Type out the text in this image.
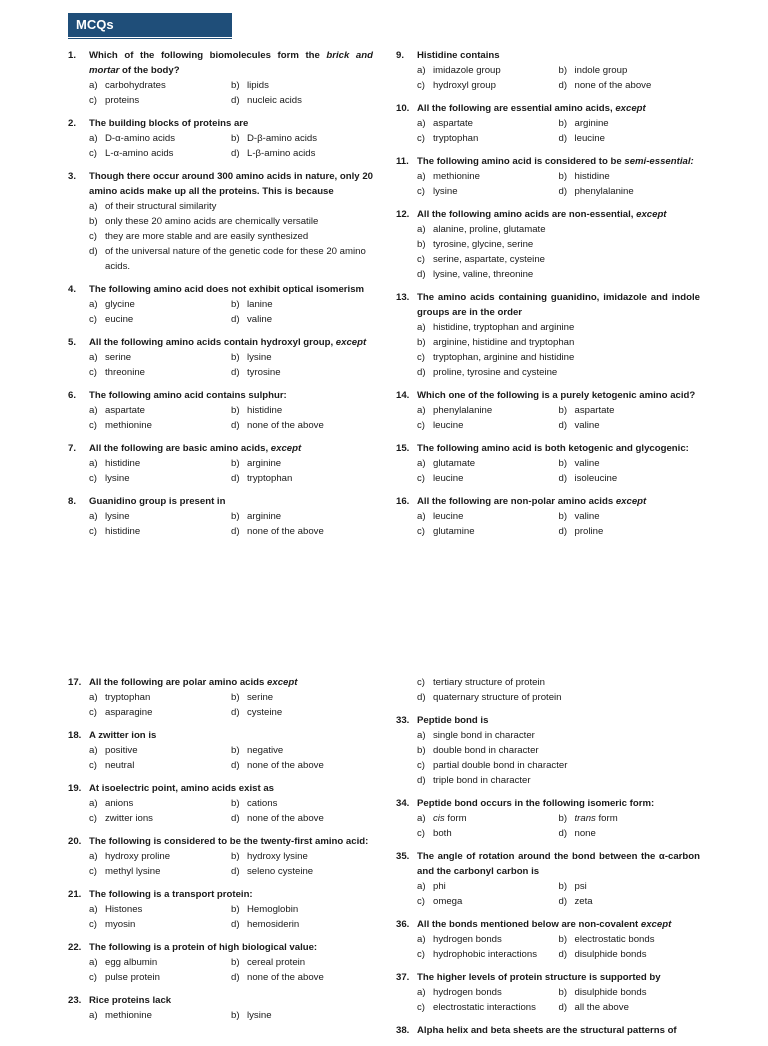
MCQs
1.	Which of the following biomolecules form the brick and mortar of the body?
a) carbohydrates	b) lipids
c) proteins	d) nucleic acids
2.	The building blocks of proteins are
a) D-α-amino acids	b) D-β-amino acids
c) L-α-amino acids	d) L-β-amino acids
3.	Though there occur around 300 amino acids in nature, only 20 amino acids make up all the proteins. This is because
a) of their structural similarity
b) only these 20 amino acids are chemically versatile
c) they are more stable and are easily synthesized
d) of the universal nature of the genetic code for these 20 amino acids.
4.	The following amino acid does not exhibit optical isomerism
a) glycine	b) lanine
c) eucine	d) valine
5.	All the following amino acids contain hydroxyl group, except
a) serine	b) lysine
c) threonine	d) tyrosine
6.	The following amino acid contains sulphur:
a) aspartate	b) histidine
c) methionine	d) none of the above
7.	All the following are basic amino acids, except
a) histidine	b) arginine
c) lysine	d) tryptophan
8.	Guanidino group is present in
a) lysine	b) arginine
c) histidine	d) none of the above
9.	Histidine contains
a) imidazole group	b) indole group
c) hydroxyl group	d) none of the above
10. All the following are essential amino acids, except
a) aspartate	b) arginine
c) tryptophan	d) leucine
11. The following amino acid is considered to be semi-essential:
a) methionine	b) histidine
c) lysine	d) phenylalanine
12. All the following amino acids are non-essential, except
a) alanine, proline, glutamate
b) tyrosine, glycine, serine
c) serine, aspartate, cysteine
d) lysine, valine, threonine
13. The amino acids containing guanidino, imidazole and indole groups are in the order
a) histidine, tryptophan and arginine
b) arginine, histidine and tryptophan
c) tryptophan, arginine and histidine
d) proline, tyrosine and cysteine
14. Which one of the following is a purely ketogenic amino acid?
a) phenylalanine	b) aspartate
c) leucine	d) valine
15. The following amino acid is both ketogenic and glycogenic:
a) glutamate	b) valine
c) leucine	d) isoleucine
16. All the following are non-polar amino acids except
a) leucine	b) valine
c) glutamine	d) proline
17. All the following are polar amino acids except
a) tryptophan	b) serine
c) asparagine	d) cysteine
18. A zwitter ion is
a) positive	b) negative
c) neutral	d) none of the above
19. At isoelectric point, amino acids exist as
a) anions	b) cations
c) zwitter ions	d) none of the above
20. The following is considered to be the twenty-first amino acid:
a) hydroxy proline	b) hydroxy lysine
c) methyl lysine	d) seleno cysteine
21. The following is a transport protein:
a) Histones	b) Hemoglobin
c) myosin	d) hemosiderin
22. The following is a protein of high biological value:
a) egg albumin	b) cereal protein
c) pulse protein	d) none of the above
23. Rice proteins lack
a) methionine	b) lysine
c) tertiary structure of protein
d) quaternary structure of protein
33. Peptide bond is
a) single bond in character
b) double bond in character
c) partial double bond in character
d) triple bond in character
34. Peptide bond occurs in the following isomeric form:
a) cis form	b) trans form
c) both	d) none
35. The angle of rotation around the bond between the α-carbon and the carbonyl carbon is
a) phi	b) psi
c) omega	d) zeta
36. All the bonds mentioned below are non-covalent except
a) hydrogen bonds	b) electrostatic bonds
c) hydrophobic interactions d) disulphide bonds
37. The higher levels of protein structure is supported by
a) hydrogen bonds	b) disulphide bonds
c) electrostatic interactions d) all the above
38. Alpha helix and beta sheets are the structural patterns of
